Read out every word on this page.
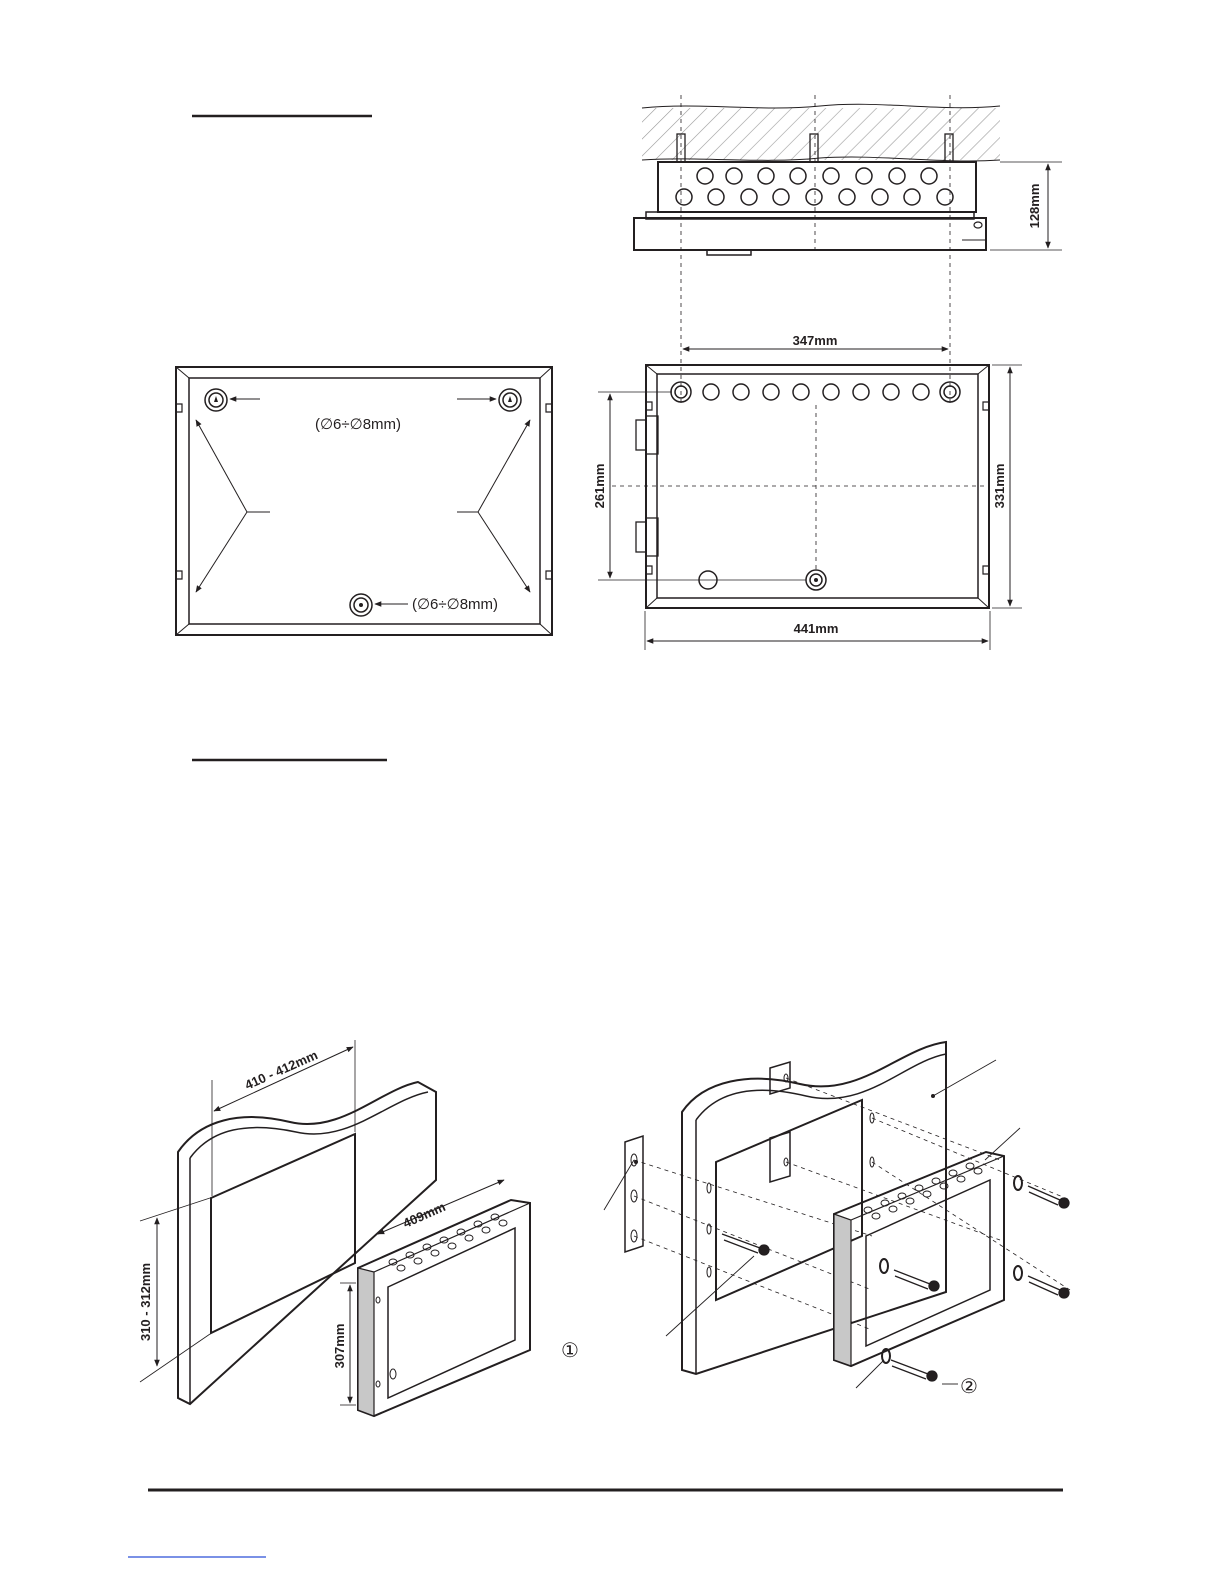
128mm
347mm
261mm	331mm
441mm
(∅6÷∅8mm)
(∅6÷∅8mm)
410 - 412mm
310 - 312mm
409mm
307mm	①
②
